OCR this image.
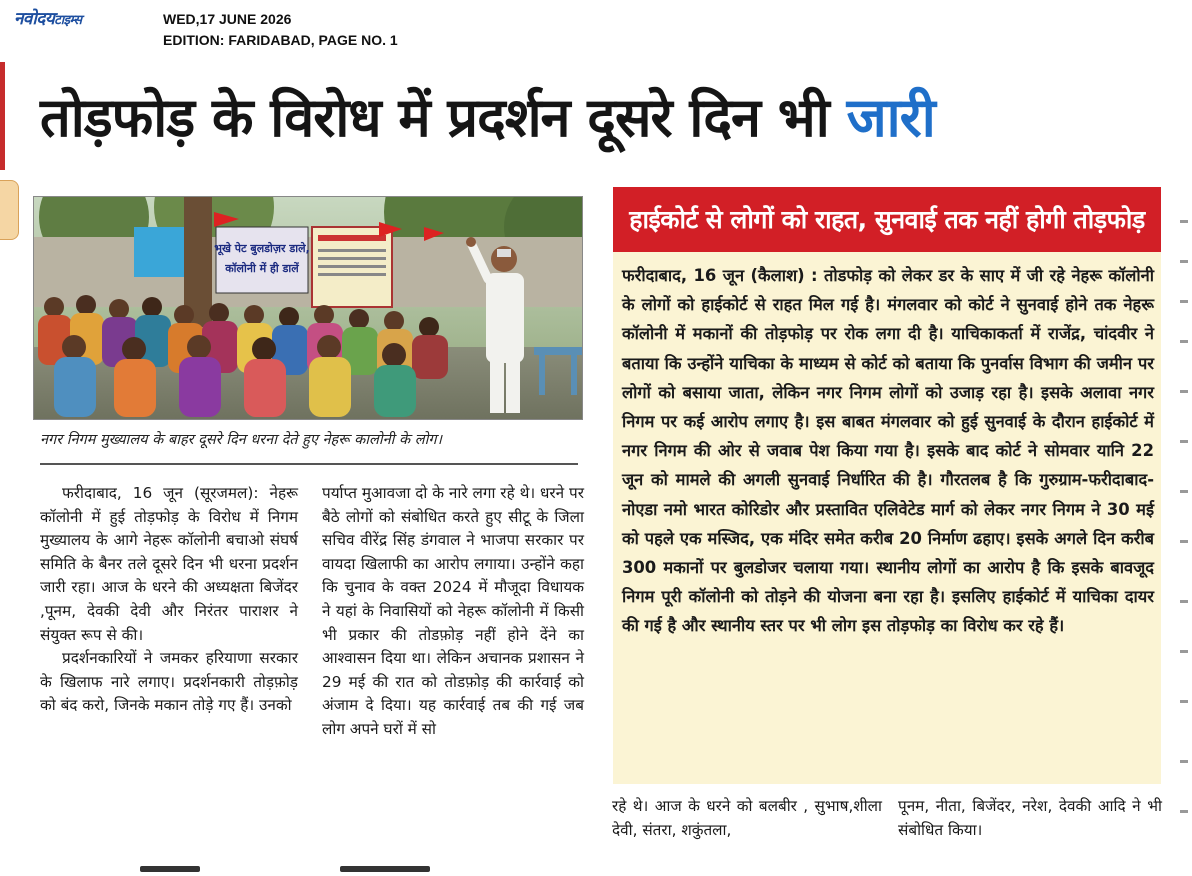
नवोदयटाइम्स	WED,17 JUNE 2026
EDITION: FARIDABAD, PAGE NO. 1
तोड़फोड़ के विरोध में प्रदर्शन दूसरे दिन भी जारी
भूखे पेट बुलडोज़र डाले,
कॉलोनी में ही डालें
नगर निगम मुख्यालय के बाहर दूसरे दिन धरना देते हुए नेहरू कालोनी के लोग।

फरीदाबाद, 16 जून (सूरजमल): नेहरू कॉलोनी में हुई तोड़फोड़ के विरोध में निगम मुख्यालय के आगे नेहरू कॉलोनी बचाओ संघर्ष समिति के बैनर तले दूसरे दिन भी धरना प्रदर्शन जारी रहा। आज के धरने की अध्यक्षता बिजेंदर ,पूनम, देवकी देवी और निरंतर पाराशर ने संयुक्त रूप से की।

प्रदर्शनकारियों ने जमकर हरियाणा सरकार के खिलाफ नारे लगाए। प्रदर्शनकारी तोड़फ़ोड़ को बंद करो, जिनके मकान तोड़े गए हैं। उनको

पर्याप्त मुआवजा दो के नारे लगा रहे थे। धरने पर बैठे लोगों को संबोधित करते हुए सीटू के जिला सचिव वीरेंद्र सिंह डंगवाल ने भाजपा सरकार पर वायदा खिलाफी का आरोप लगाया। उन्होंने कहा कि चुनाव के वक्त 2024 में मौजूदा विधायक ने यहां के निवासियों को नेहरू कॉलोनी में किसी भी प्रकार की तोडफ़ोड़ नहीं होने देंने का आश्वासन दिया था। लेकिन अचानक प्रशासन ने 29 मई की रात को तोडफ़ोड़ की कार्रवाई को अंजाम दे दिया। यह कार्रवाई तब की गई जब लोग अपने घरों में सो

हाईकोर्ट से लोगों को राहत, सुनवाई तक नहीं होगी तोड़फोड़

फरीदाबाद, 16 जून (कैलाश) : तोडफोड़ को लेकर डर के साए में जी रहे नेहरू कॉलोनी के लोगों को हाईकोर्ट से राहत मिल गई है। मंगलवार को कोर्ट ने सुनवाई होने तक नेहरू कॉलोनी में मकानों की तोड़फोड़ पर रोक लगा दी है। याचिकाकर्ता में राजेंद्र, चांदवीर ने बताया कि उन्होंने याचिका के माध्यम से कोर्ट को बताया कि पुनर्वास विभाग की जमीन पर लोगों को बसाया जाता, लेकिन नगर निगम लोगों को उजाड़ रहा है। इसके अलावा नगर निगम पर कई आरोप लगाए है। इस बाबत मंगलवार को हुई सुनवाई के दौरान हाईकोर्ट में नगर निगम की ओर से जवाब पेश किया गया है। इसके बाद कोर्ट ने सोमवार यानि 22 जून को मामले की अगली सुनवाई निर्धारित की है। गौरतलब है कि गुरुग्राम-फरीदाबाद-नोएडा नमो भारत कोरिडोर और प्रस्तावित एलिवेटेड मार्ग को लेकर नगर निगम ने 30 मई को पहले एक मस्जिद, एक मंदिर समेत करीब 20 निर्माण ढहाए। इसके अगले दिन करीब 300 मकानों पर बुलडोजर चलाया गया। स्थानीय लोगों का आरोप है कि इसके बावजूद निगम पूरी कॉलोनी को तोड़ने की योजना बना रहा है। इसलिए हाईकोर्ट में याचिका दायर की गई है और स्थानीय स्तर पर भी लोग इस तोड़फोड़ का विरोध कर रहे हैं।

रहे थे। आज के धरने को बलबीर , सुभाष,शीला देवी, संतरा, शकुंतला,

पूनम, नीता, बिजेंदर, नरेश, देवकी आदि ने भी संबोधित किया।
